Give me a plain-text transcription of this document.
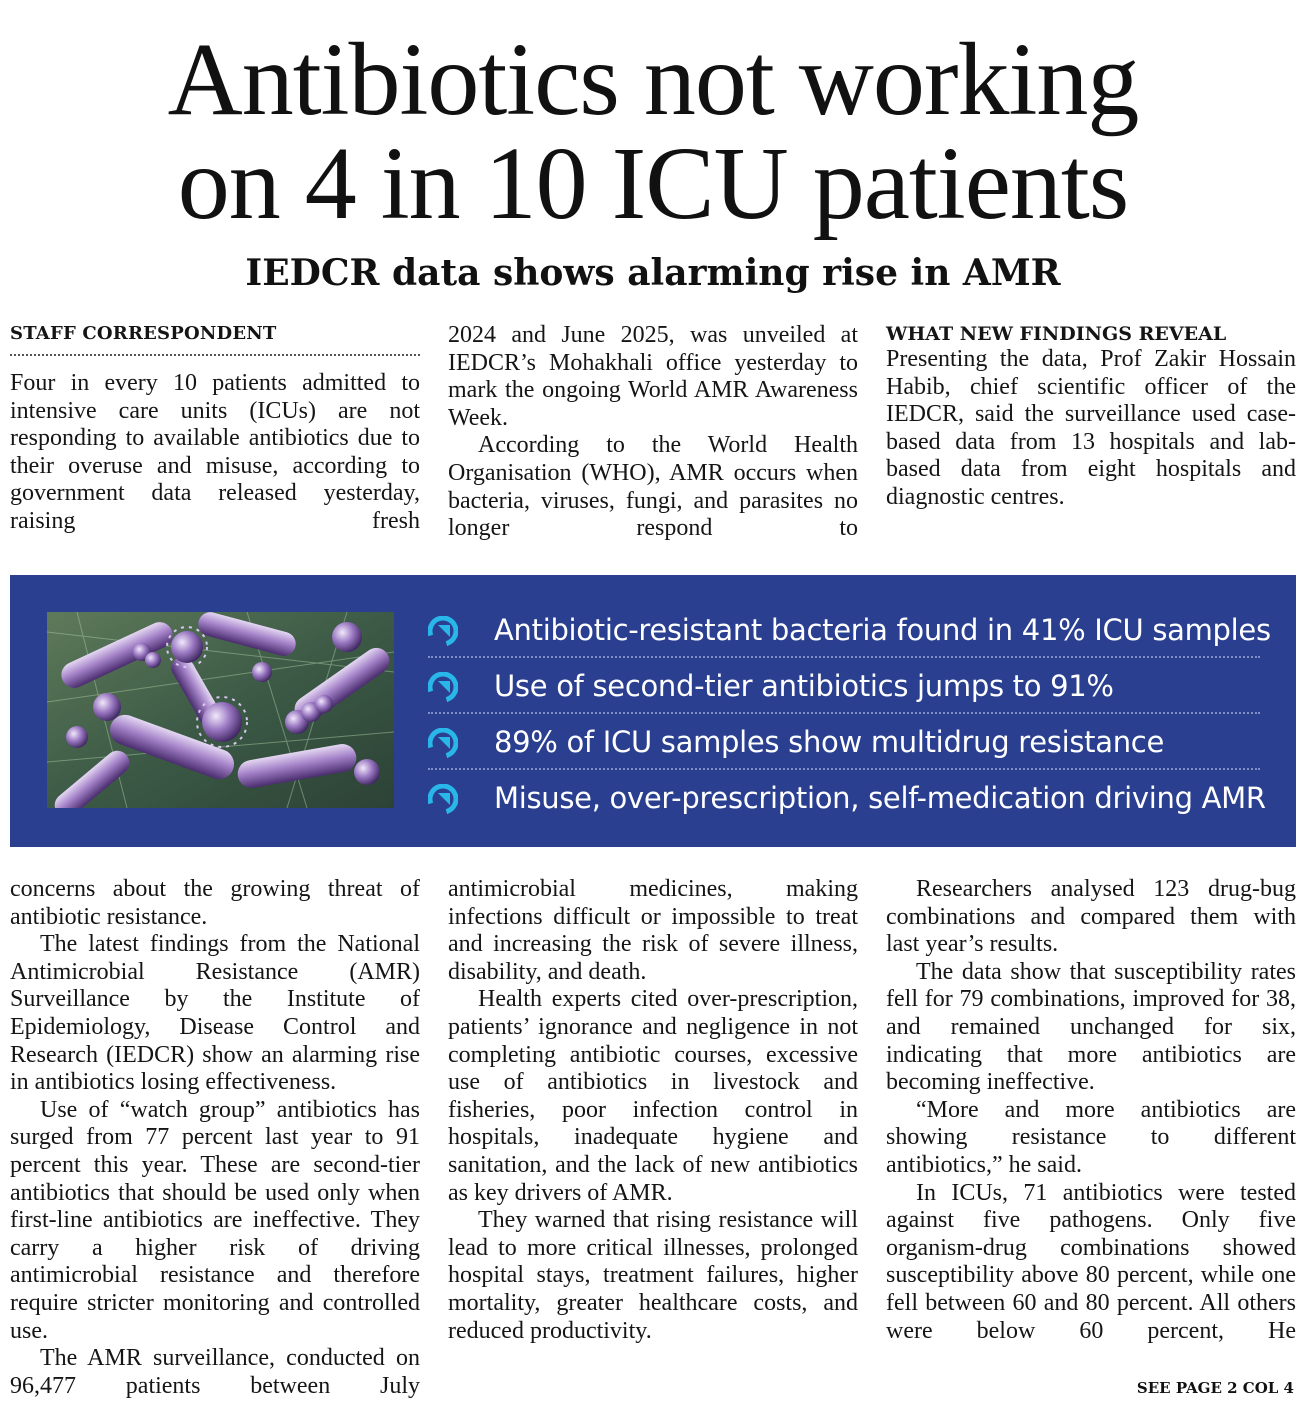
Antibiotics not working
on 4 in 10 ICU patients
IEDCR data shows alarming rise in AMR
STAFF CORRESPONDENT

Four in every 10 patients admitted to intensive care units (ICUs) are not responding to available antibiotics due to their overuse and misuse, according to government data released yesterday, raising fresh

2024 and June 2025, was unveiled at IEDCR’s Mohakhali office yesterday to mark the ongoing World AMR Awareness Week.

According to the World Health Organisation (WHO), AMR occurs when bacteria, viruses, fungi, and parasites no longer respond to

WHAT NEW FINDINGS REVEAL

Presenting the data, Prof Zakir Hossain Habib, chief scientific officer of the IEDCR, said the surveillance used case-based data from 13 hospitals and lab-based data from eight hospitals and diagnostic centres.

Antibiotic-resistant bacteria found in 41% ICU samples
Use of second-tier antibiotics jumps to 91%
89% of ICU samples show multidrug resistance
Misuse, over-prescription, self-medication driving AMR

concerns about the growing threat of antibiotic resistance.

The latest findings from the National Antimicrobial Resistance (AMR) Surveillance by the Institute of Epidemiology, Disease Control and Research (IEDCR) show an alarming rise in antibiotics losing effectiveness.

Use of “watch group” antibiotics has surged from 77 percent last year to 91 percent this year. These are second-tier antibiotics that should be used only when first-line antibiotics are ineffective. They carry a higher risk of driving antimicrobial resistance and therefore require stricter monitoring and controlled use.

The AMR surveillance, conducted on 96,477 patients between July

antimicrobial medicines, making infections difficult or impossible to treat and increasing the risk of severe illness, disability, and death.

Health experts cited over-prescription, patients’ ignorance and negligence in not completing antibiotic courses, excessive use of antibiotics in livestock and fisheries, poor infection control in hospitals, inadequate hygiene and sanitation, and the lack of new antibiotics as key drivers of AMR.

They warned that rising resistance will lead to more critical illnesses, prolonged hospital stays, treatment failures, higher mortality, greater healthcare costs, and reduced productivity.

Researchers analysed 123 drug-bug combinations and compared them with last year’s results.

The data show that susceptibility rates fell for 79 combinations, improved for 38, and remained unchanged for six, indicating that more antibiotics are becoming ineffective.

“More and more antibiotics are showing resistance to different antibiotics,” he said.

In ICUs, 71 antibiotics were tested against five pathogens. Only five organism-drug combinations showed susceptibility above 80 percent, while one fell between 60 and 80 percent. All others were below 60 percent, He

SEE PAGE 2 COL 4
